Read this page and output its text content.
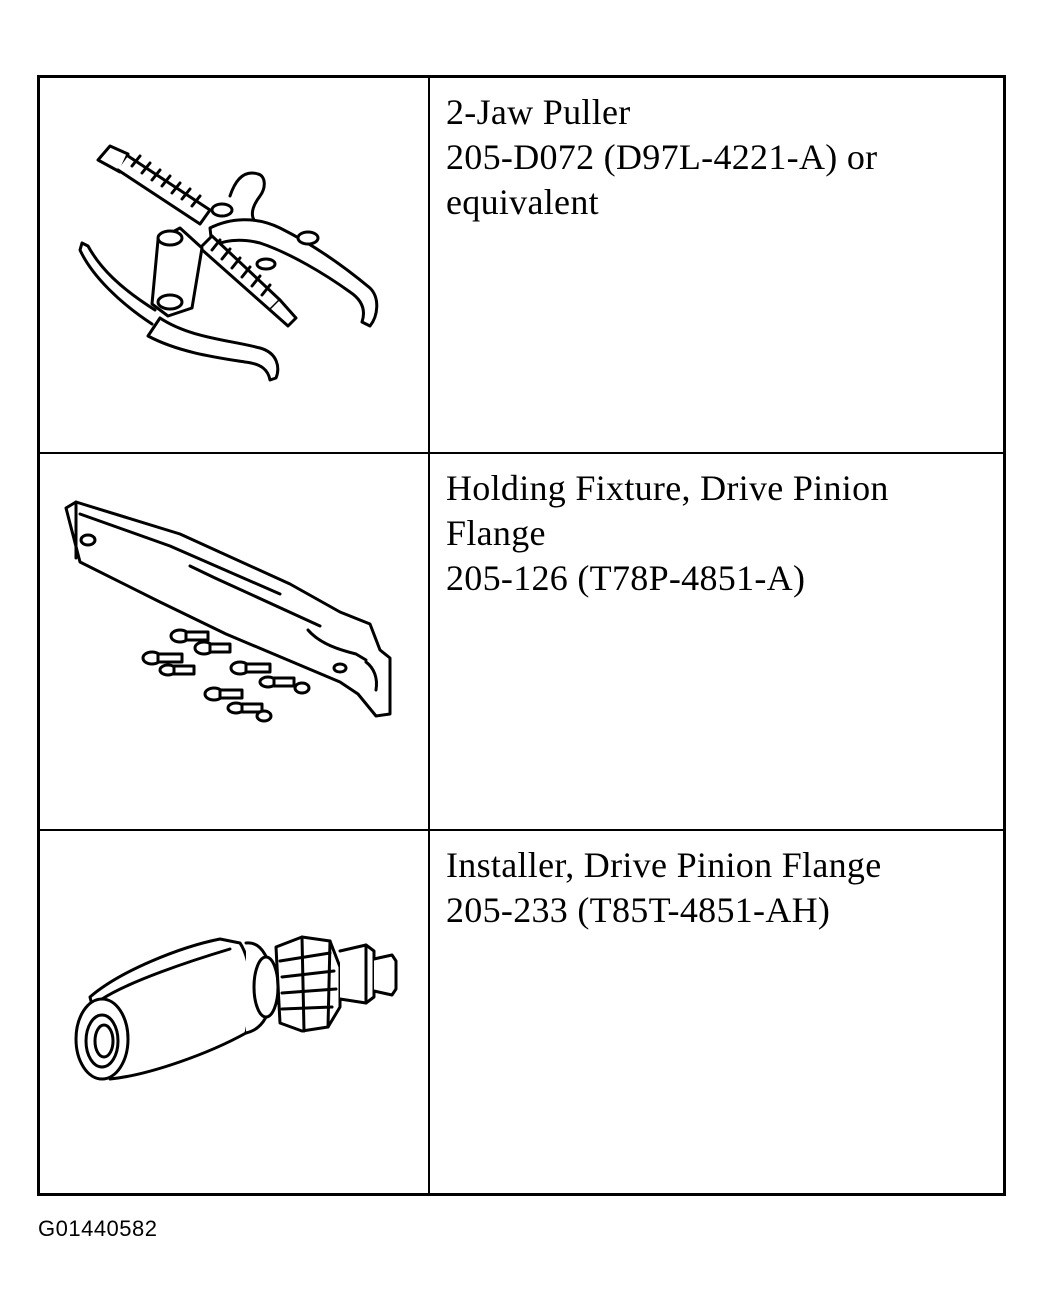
2-Jaw Puller
205-D072 (D97L-4221-A) or
equivalent
Holding Fixture, Drive Pinion
Flange
205-126 (T78P-4851-A)
Installer, Drive Pinion Flange
205-233 (T85T-4851-AH)
G01440582
